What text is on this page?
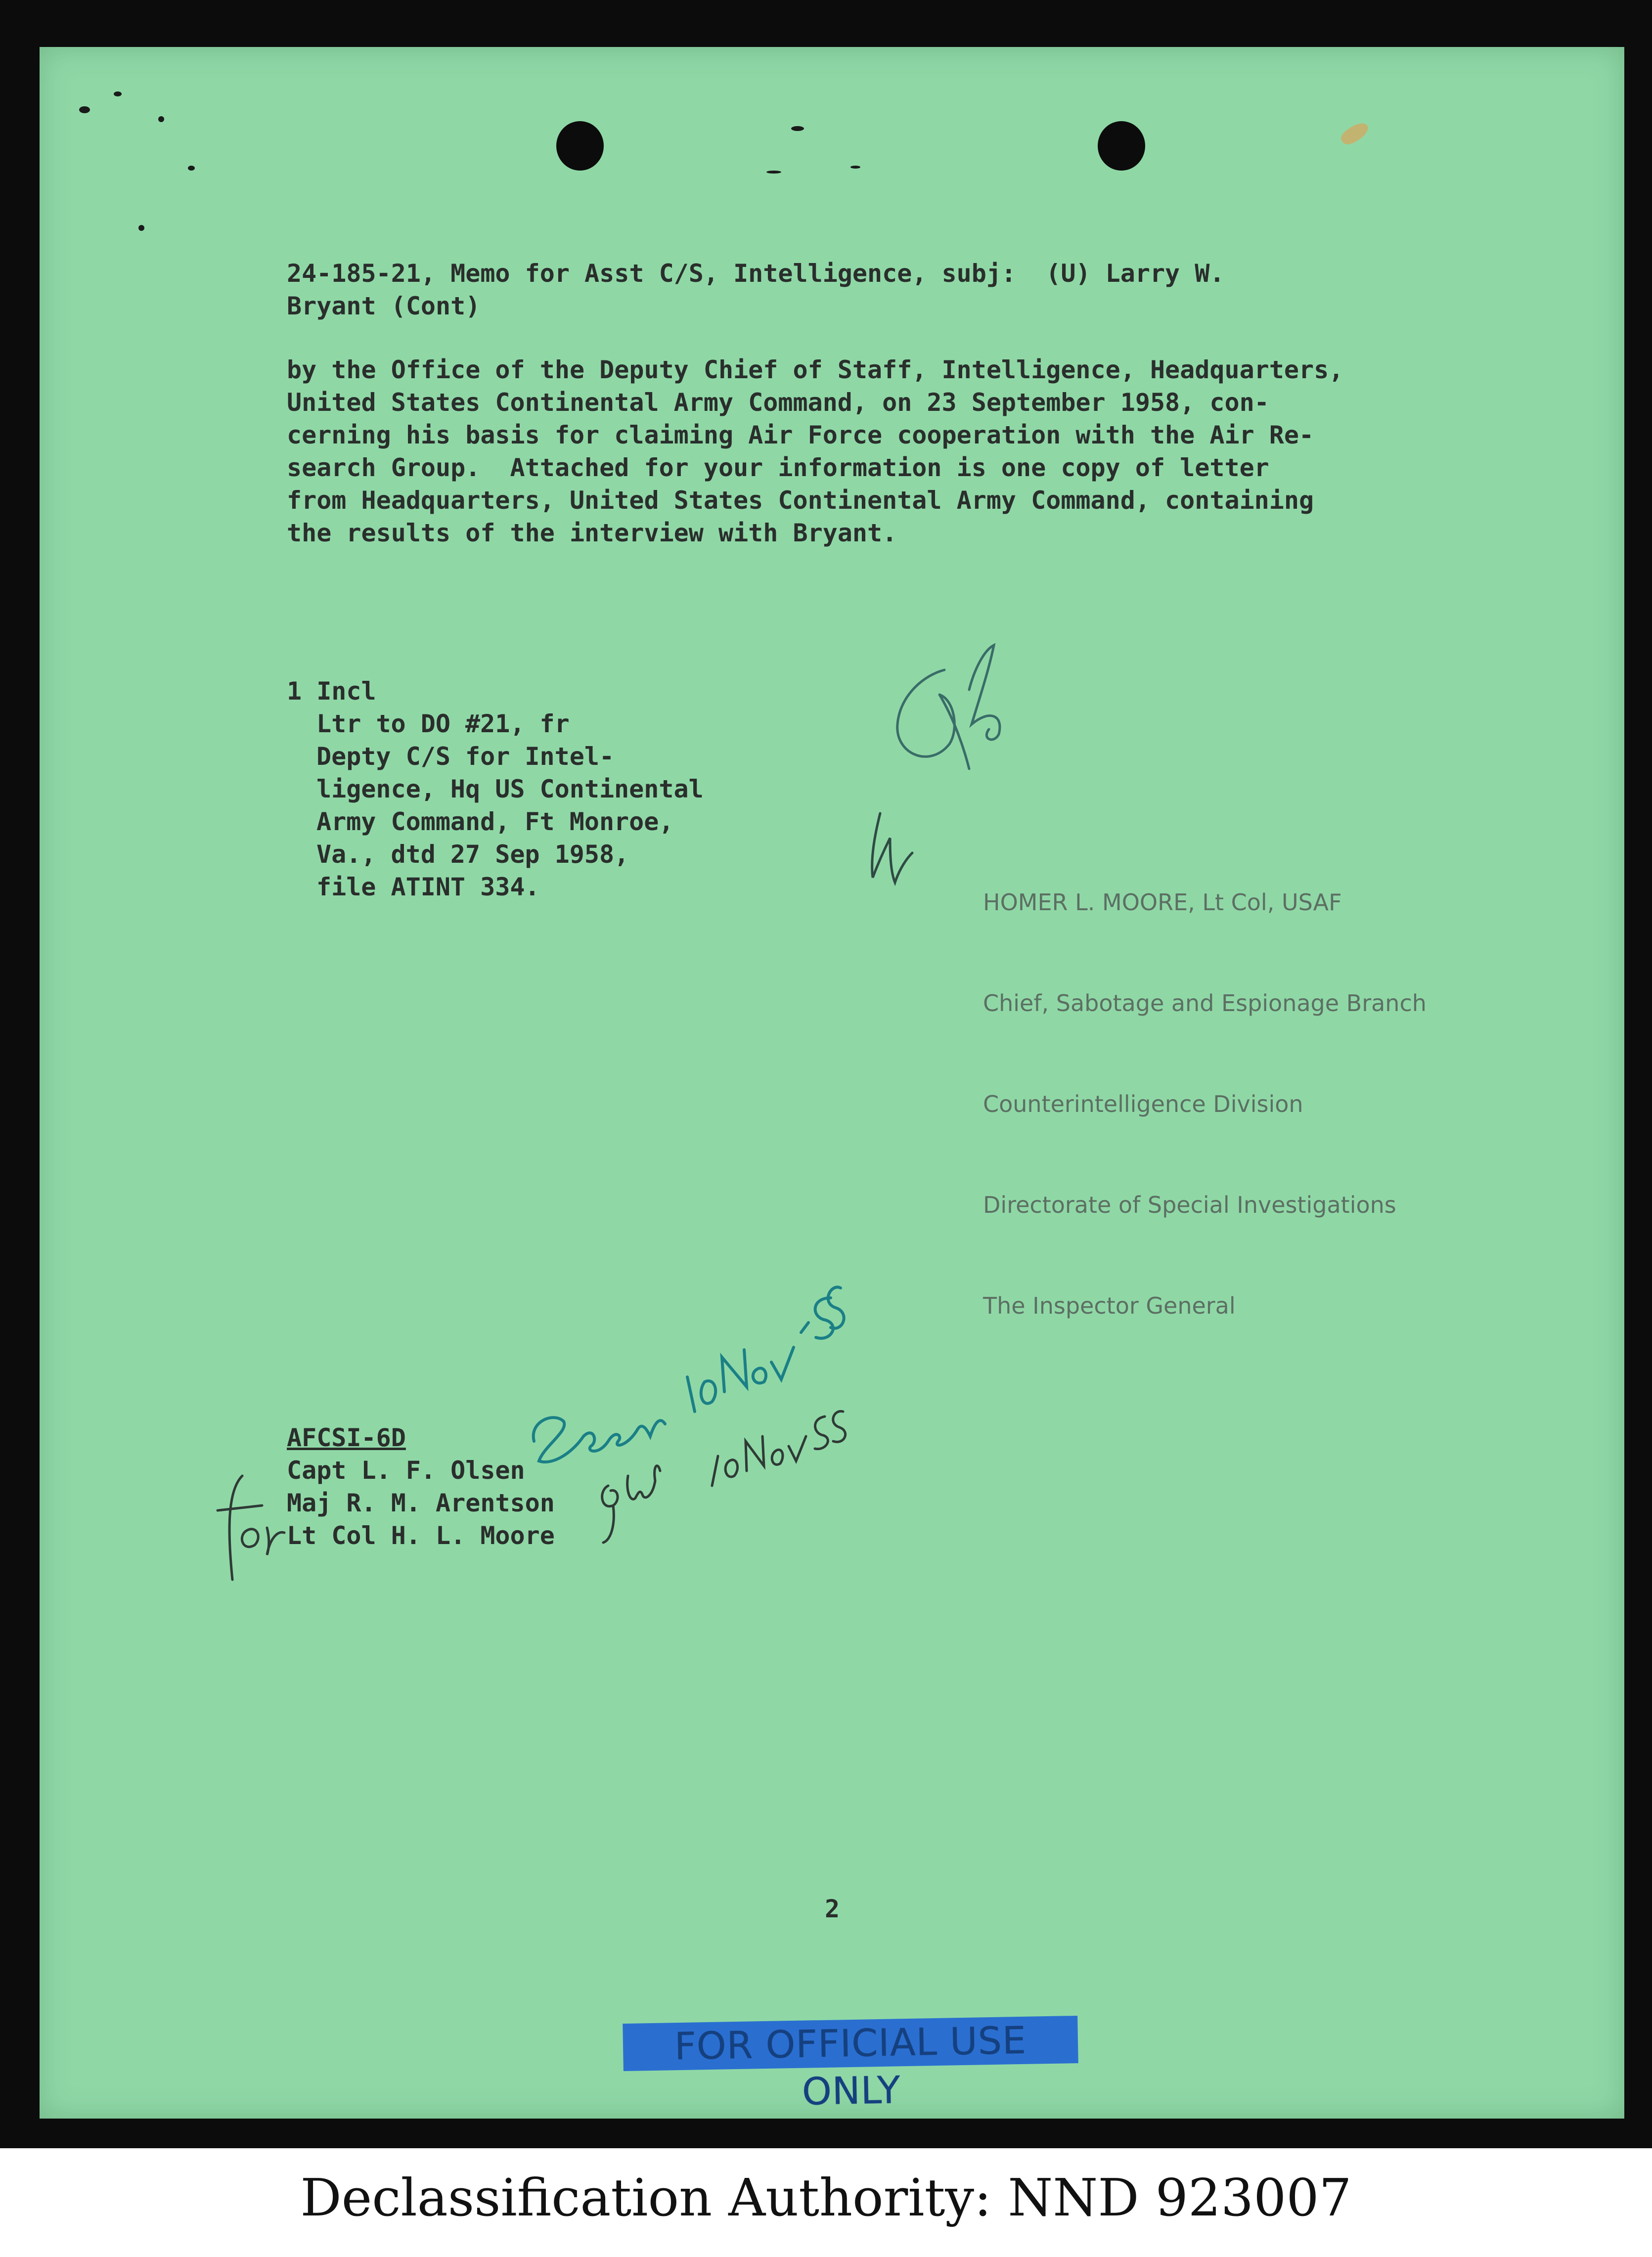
24-185-21, Memo for Asst C/S, Intelligence, subj:  (U) Larry W.
Bryant (Cont)
by the Office of the Deputy Chief of Staff, Intelligence, Headquarters,
United States Continental Army Command, on 23 September 1958, con-
cerning his basis for claiming Air Force cooperation with the Air Re-
search Group.  Attached for your information is one copy of letter
from Headquarters, United States Continental Army Command, containing
the results of the interview with Bryant.
1 Incl
Ltr to DO #21, fr
Depty C/S for Intel-
ligence, Hq US Continental
Army Command, Ft Monroe,
Va., dtd 27 Sep 1958,
file ATINT 334.

HOMER L. MOORE, Lt Col, USAF

Chief, Sabotage and Espionage Branch

Counterintelligence Division

Directorate of Special Investigations

The Inspector General

AFCSI-6D
Capt L. F. Olsen
Maj R. M. Arentson
Lt Col H. L. Moore
2
FOR OFFICIAL USE ONLY
Declassification Authority: NND 923007
